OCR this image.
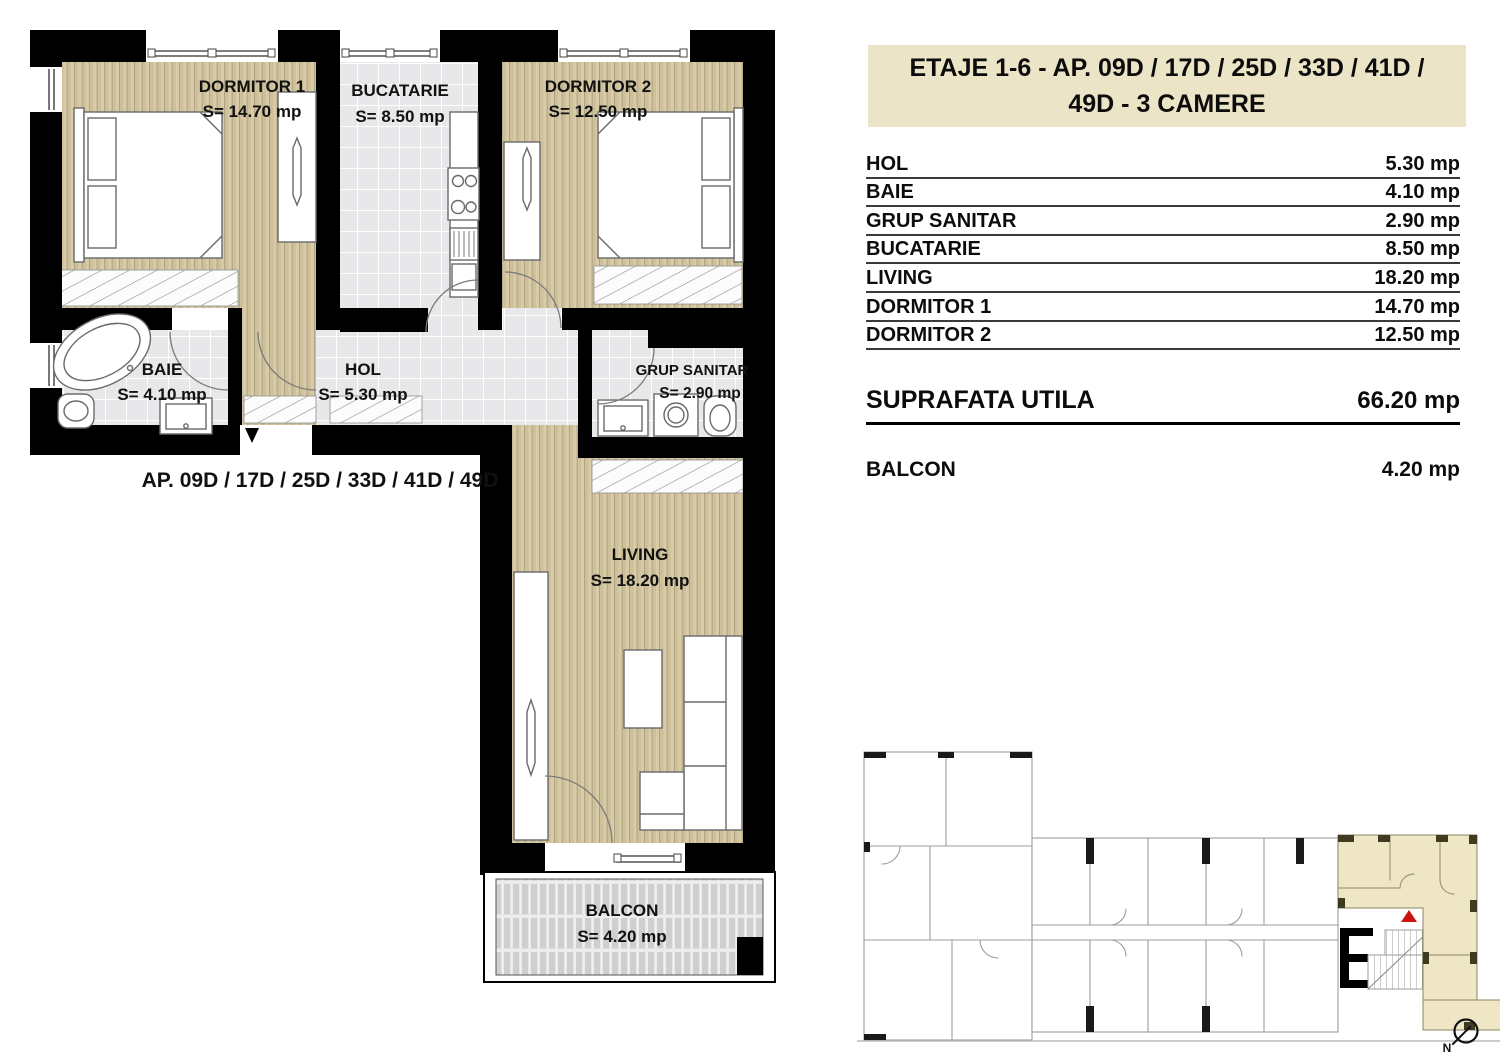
DORMITOR 1
S= 14.70 mp
BUCATARIE
S= 8.50 mp
DORMITOR 2
S= 12.50 mp
BAIE
S= 4.10 mp
HOL
S= 5.30 mp
GRUP SANITAR
S= 2.90 mp
LIVING
S= 18.20 mp
BALCON
S= 4.20 mp
AP. 09D / 17D / 25D / 33D / 41D / 49D
N
ETAJE 1-6 - AP. 09D / 17D / 25D / 33D / 41D /
49D - 3 CAMERE
HOL	5.30 mp
BAIE	4.10 mp
GRUP SANITAR	2.90 mp
BUCATARIE	8.50 mp
LIVING	18.20 mp
DORMITOR 1	14.70 mp
DORMITOR 2	12.50 mp
SUPRAFATA UTILA	66.20 mp
BALCON	4.20 mp
